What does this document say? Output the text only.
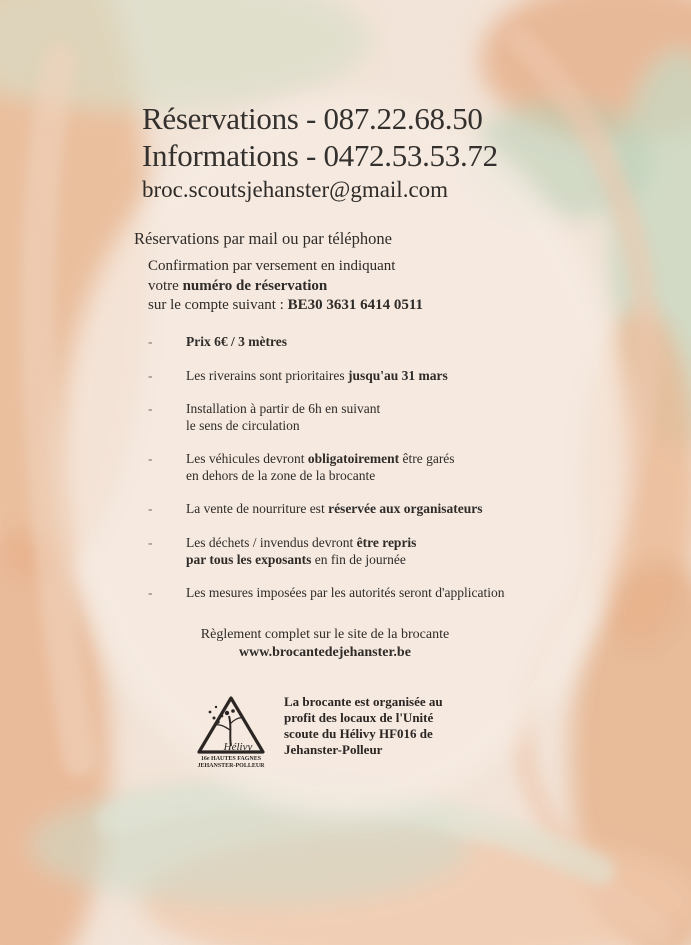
Réservations - 087.22.68.50
Informations - 0472.53.53.72
broc.scoutsjehanster@gmail.com
Réservations par mail ou par téléphone
Confirmation par versement en indiquant
votre numéro de réservation
sur le compte suivant : BE30 3631 6414 0511
- Prix 6€ / 3 mètres
- Les riverains sont prioritaires jusqu'au 31 mars
- Installation à partir de 6h en suivant
le sens de circulation
- Les véhicules devront obligatoirement être garés
en dehors de la zone de la brocante
- La vente de nourriture est réservée aux organisateurs
- Les déchets / invendus devront être repris
par tous les exposants en fin de journée
- Les mesures imposées par les autorités seront d'application
Règlement complet sur le site de la brocante
www.brocantedejehanster.be
Hélivy
16e HAUTES FAGNES
JEHANSTER-POLLEUR
La brocante est organisée au
profit des locaux de l'Unité
scoute du Hélivy HF016 de
Jehanster-Polleur
